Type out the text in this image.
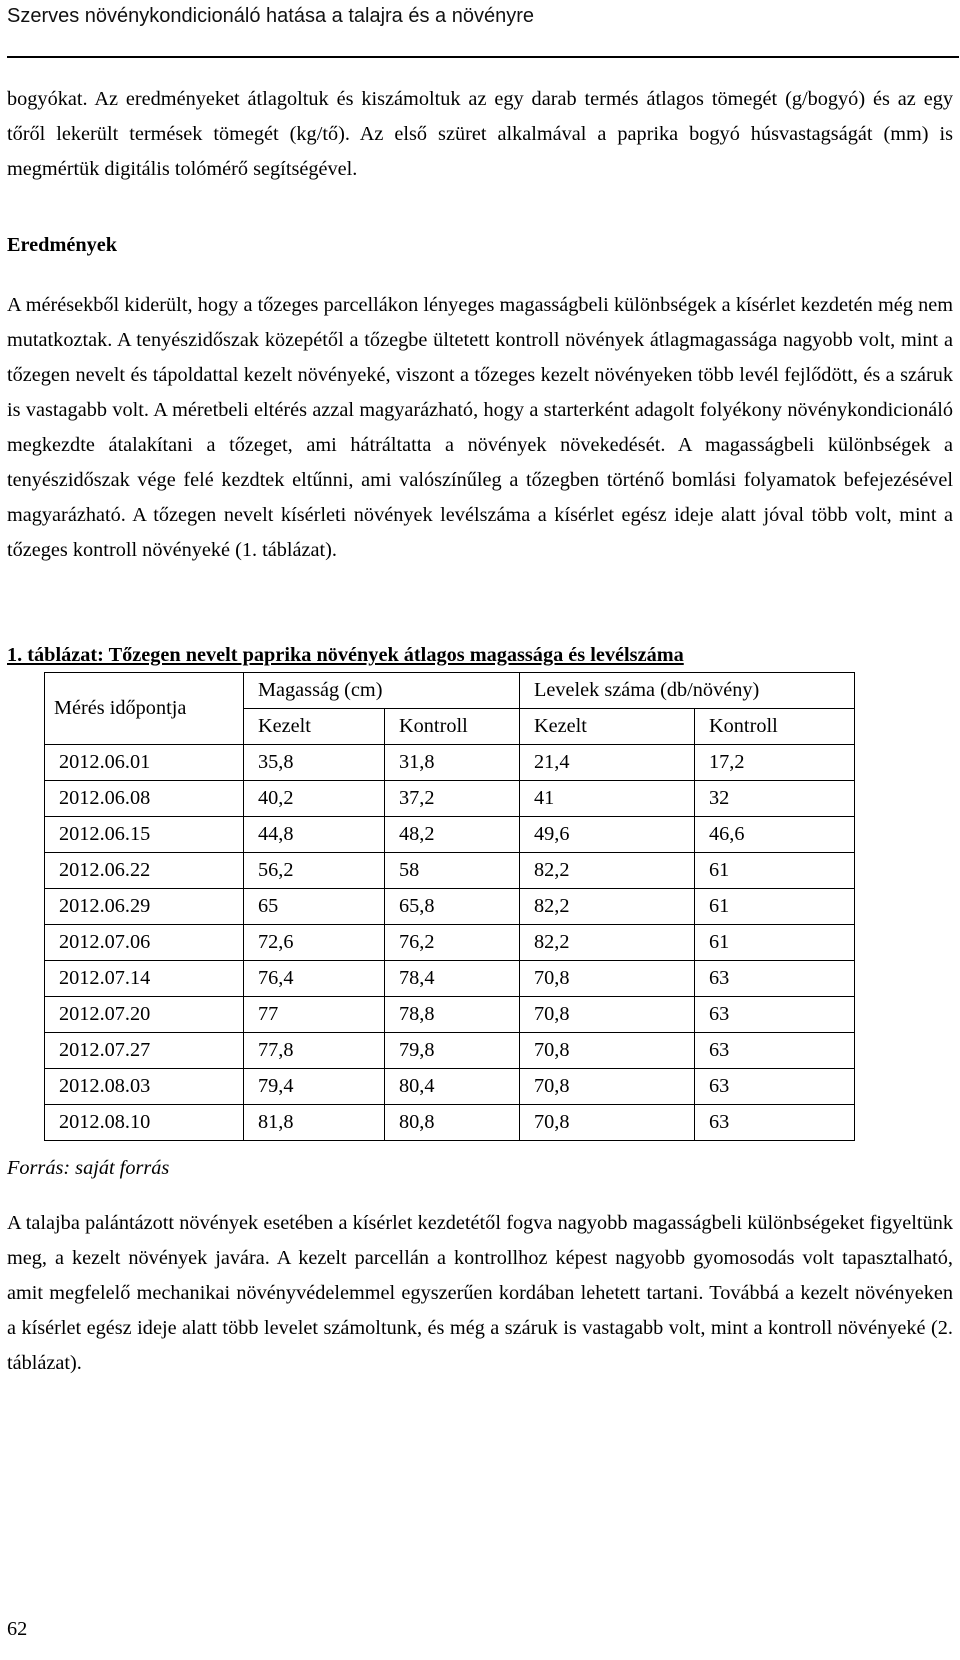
Szerves növénykondicionáló hatása a talajra és a növényre

bogyókat. Az eredményeket átlagoltuk és kiszámoltuk az egy darab termés átlagos tömegét (g/bogyó) és az egy tőről lekerült termések tömegét (kg/tő). Az első szüret alkalmával a paprika bogyó húsvastagságát (mm) is megmértük digitális tolómérő segítségével.

Eredmények

A mérésekből kiderült, hogy a tőzeges parcellákon lényeges magasságbeli különbségek a kísérlet kezdetén még nem mutatkoztak. A tenyészidőszak közepétől a tőzegbe ültetett kontroll növények átlagmagassága nagyobb volt, mint a tőzegen nevelt és tápoldattal kezelt növényeké, viszont a tőzeges kezelt növényeken több levél fejlődött, és a száruk is vastagabb volt. A méretbeli eltérés azzal magyarázható, hogy a starterként adagolt folyékony növénykondicionáló megkezdte átalakítani a tőzeget, ami hátráltatta a növények növekedését. A magasságbeli különbségek a tenyészidőszak vége felé kezdtek eltűnni, ami valószínűleg a tőzegben történő bomlási folyamatok befejezésével magyarázható. A tőzegen nevelt kísérleti növények levélszáma a kísérlet egész ideje alatt jóval több volt, mint a tőzeges kontroll növényeké (1. táblázat).

1. táblázat: Tőzegen nevelt paprika növények átlagos magassága és levélszáma

Mérés időpontja	Magasság (cm)		Levelek száma (db/növény)	
	Kezelt	Kontroll	Kezelt	Kontroll
2012.06.01	35,8	31,8	21,4	17,2
2012.06.08	40,2	37,2	41	32
2012.06.15	44,8	48,2	49,6	46,6
2012.06.22	56,2	58	82,2	61
2012.06.29	65	65,8	82,2	61
2012.07.06	72,6	76,2	82,2	61
2012.07.14	76,4	78,4	70,8	63
2012.07.20	77	78,8	70,8	63
2012.07.27	77,8	79,8	70,8	63
2012.08.03	79,4	80,4	70,8	63
2012.08.10	81,8	80,8	70,8	63

Forrás: saját forrás

A talajba palántázott növények esetében a kísérlet kezdetétől fogva nagyobb magasságbeli különbségeket figyeltünk meg, a kezelt növények javára. A kezelt parcellán a kontrollhoz képest nagyobb gyomosodás volt tapasztalható, amit megfelelő mechanikai növényvédelemmel egyszerűen kordában lehetett tartani. Továbbá a kezelt növényeken a kísérlet egész ideje alatt több levelet számoltunk, és még a száruk is vastagabb volt, mint a kontroll növényeké (2. táblázat).

62
